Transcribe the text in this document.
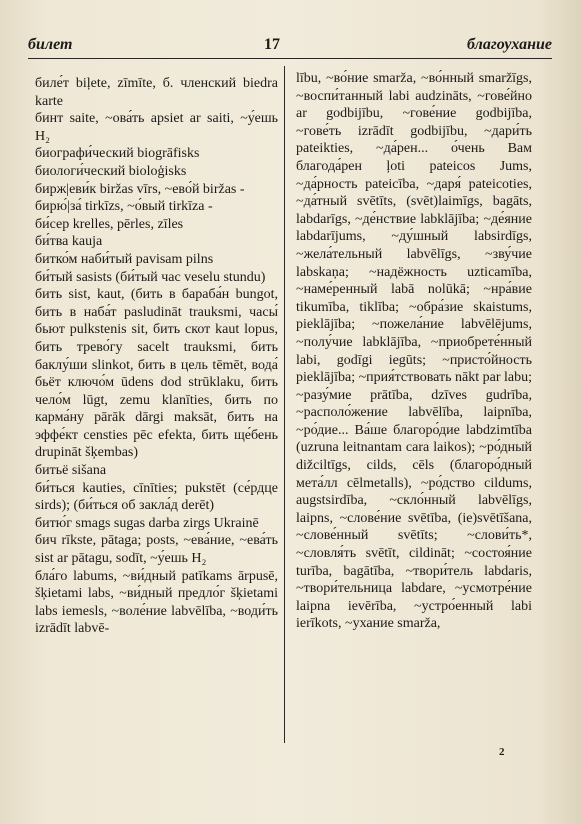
билет	17	благоухание

биле́т biļete, zīmīte, б. членский biedra karte

бинт saite, ~ова́ть apsiet ar saiti, ~у́ешь H₂

биографи́ческий biogrāfisks

биологи́ческий bioloģisks

бирж|еви́к biržas vīrs, ~ево́й biržas -

бирю́|за́ tirkīzs, ~о́вый tirkīza -

би́сер krelles, pērles, zīles

би́тва kauja

битко́м наби́тый pavisam pilns

би́тый sasists (би́тый час veselu stundu)

бить sist, kaut, (бить в бараба́н bungot, бить в наба́т pasludināt trauksmi, часы́ бьют pulkstenis sit, бить скот kaut lopus, бить трево́гу sacelt trauksmi, бить баклу́ши slinkot, бить в цель tēmēt, вода́ бьёт ключо́м ūdens dod strūklaku, бить чело́м lūgt, zemu klanīties, бить по карма́ну pārāk dārgi maksāt, бить на эффе́кт censties pēc efekta, бить ще́бень drupināt šķembas)

битьё sišana

би́ться kauties, cīnīties; pukstēt (се́рдце sirds); (би́ться об закла́д derēt)

битю́г smags sugas darba zirgs Ukrainē

бич rīkste, pātaga; posts, ~ева́ние, ~ева́ть sist ar pātagu, sodīt, ~у́ешь H₂

бла́го labums, ~ви́дный patīkams ārpusē, šķietami labs, ~ви́дный предло́г šķietami labs iemesls, ~воле́ние labvēlība, ~води́ть izrādīt labvē-

lību, ~во́ние smarža, ~во́нный smaržīgs, ~воспи́танный labi audzināts, ~гове́йно ar godbijību, ~гове́ние godbijība, ~гове́ть izrādīt godbijību, ~дари́ть pateikties, ~да́рен... о́чень Вам благода́рен ļoti pateicos Jums, ~да́рность pateicība, ~даря́ pateicoties, ~да́тный svētīts, (svēt)laimīgs, bagāts, labdarīgs, ~де́нствие labklājība; ~де́яние labdarījums, ~ду́шный labsirdīgs, ~жела́тельный labvēlīgs, ~зву́чие labskaņa; ~надёжность uzticamība, ~наме́ренный labā nolūkā; ~нра́вие tikumība, tiklība; ~обра́зие skaistums, pieklājība; ~пожела́ние labvēlējums, ~полу́чие labklājība, ~приобрете́нный labi, godīgi iegūts; ~присто́йность pieklājība; ~прия́тствовать nākt par labu; ~разу́мие prātība, dzīves gudrība, ~располо́жение labvēlība, laipnība, ~ро́дие... Ва́ше благоро́дие labdzimtība (uzruna leitnantam cara laikos); ~ро́дный dižciltīgs, cilds, cēls (благоро́дный мета́лл cēlmetalls), ~ро́дство cildums, augstsirdība, ~скло́нный labvēlīgs, laipns, ~слове́ние svētība, (ie)svētīšana, ~слове́нный svētīts; ~слови́ть*, ~словля́ть svētīt, cildināt; ~состоя́ние turība, bagātība, ~твори́тель labdaris, ~твори́тельница labdare, ~усмотре́ние laipna ievērība, ~устро́енный labi ierīkots, ~ухание smarža,

2
